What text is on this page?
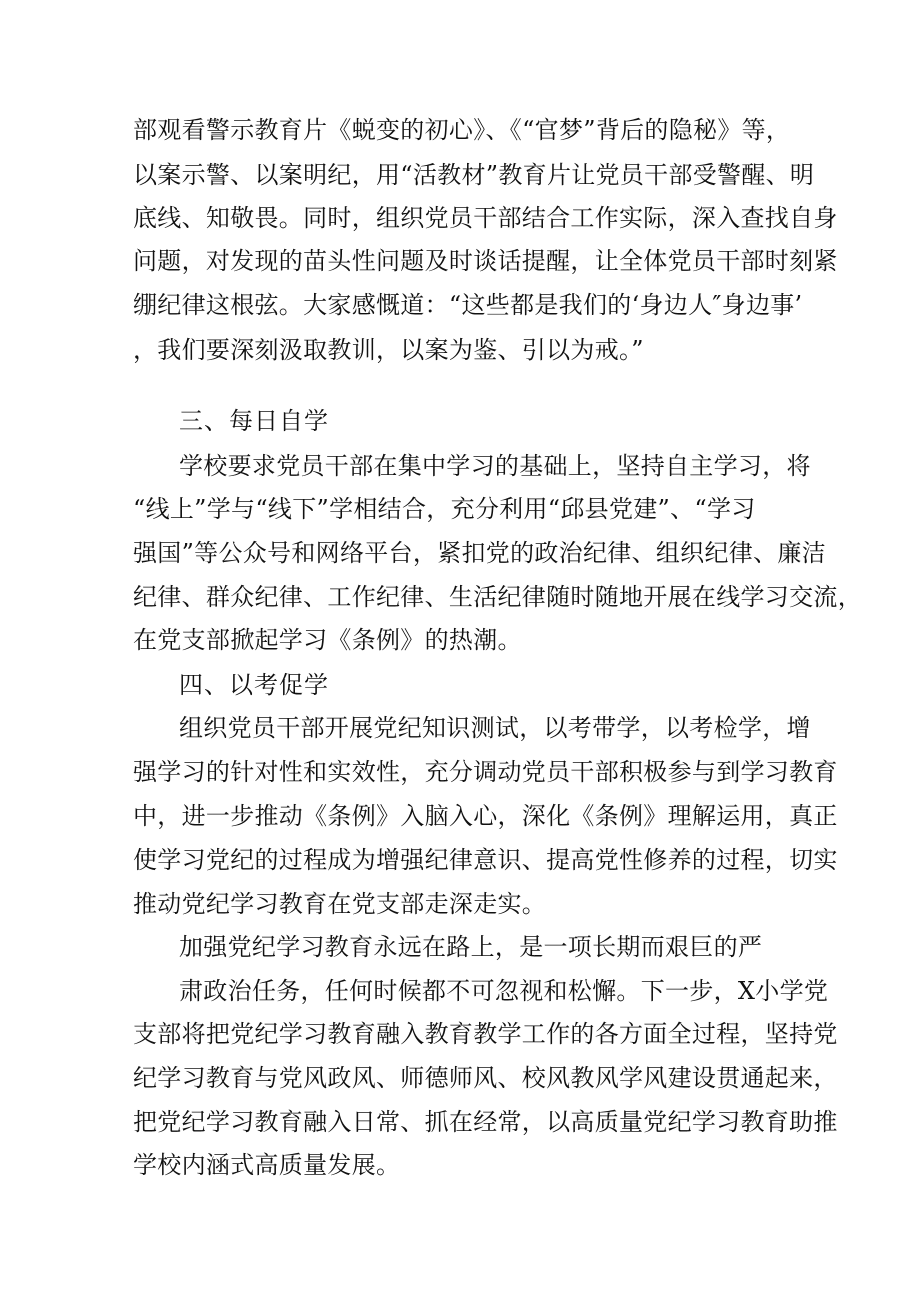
部观看警示教育片《蜕变的初心》、《“官梦”背后的隐秘》等，
以案示警、以案明纪，用“活教材”教育片让党员干部受警醒、明
底线、知敬畏。同时，组织党员干部结合工作实际，深入查找自身
问题，对发现的苗头性问题及时谈话提醒，让全体党员干部时刻紧
绷纪律这根弦。大家感慨道：“这些都是我们的‘身边人″身边事’
，我们要深刻汲取教训，以案为鉴、引以为戒。”
三、每日自学
学校要求党员干部在集中学习的基础上，坚持自主学习，将
“线上”学与“线下”学相结合，充分利用“邱县党建”、“学习
强国”等公众号和网络平台，紧扣党的政治纪律、组织纪律、廉洁
纪律、群众纪律、工作纪律、生活纪律随时随地开展在线学习交流，
在党支部掀起学习《条例》的热潮。
四、以考促学
组织党员干部开展党纪知识测试，以考带学，以考检学，增
强学习的针对性和实效性，充分调动党员干部积极参与到学习教育
中，进一步推动《条例》入脑入心，深化《条例》理解运用，真正
使学习党纪的过程成为增强纪律意识、提高党性修养的过程，切实
推动党纪学习教育在党支部走深走实。
加强党纪学习教育永远在路上，是一项长期而艰巨的严
肃政治任务，任何时候都不可忽视和松懈。下一步，X小学党
支部将把党纪学习教育融入教育教学工作的各方面全过程，坚持党
纪学习教育与党风政风、师德师风、校风教风学风建设贯通起来，
把党纪学习教育融入日常、抓在经常，以高质量党纪学习教育助推
学校内涵式高质量发展。
